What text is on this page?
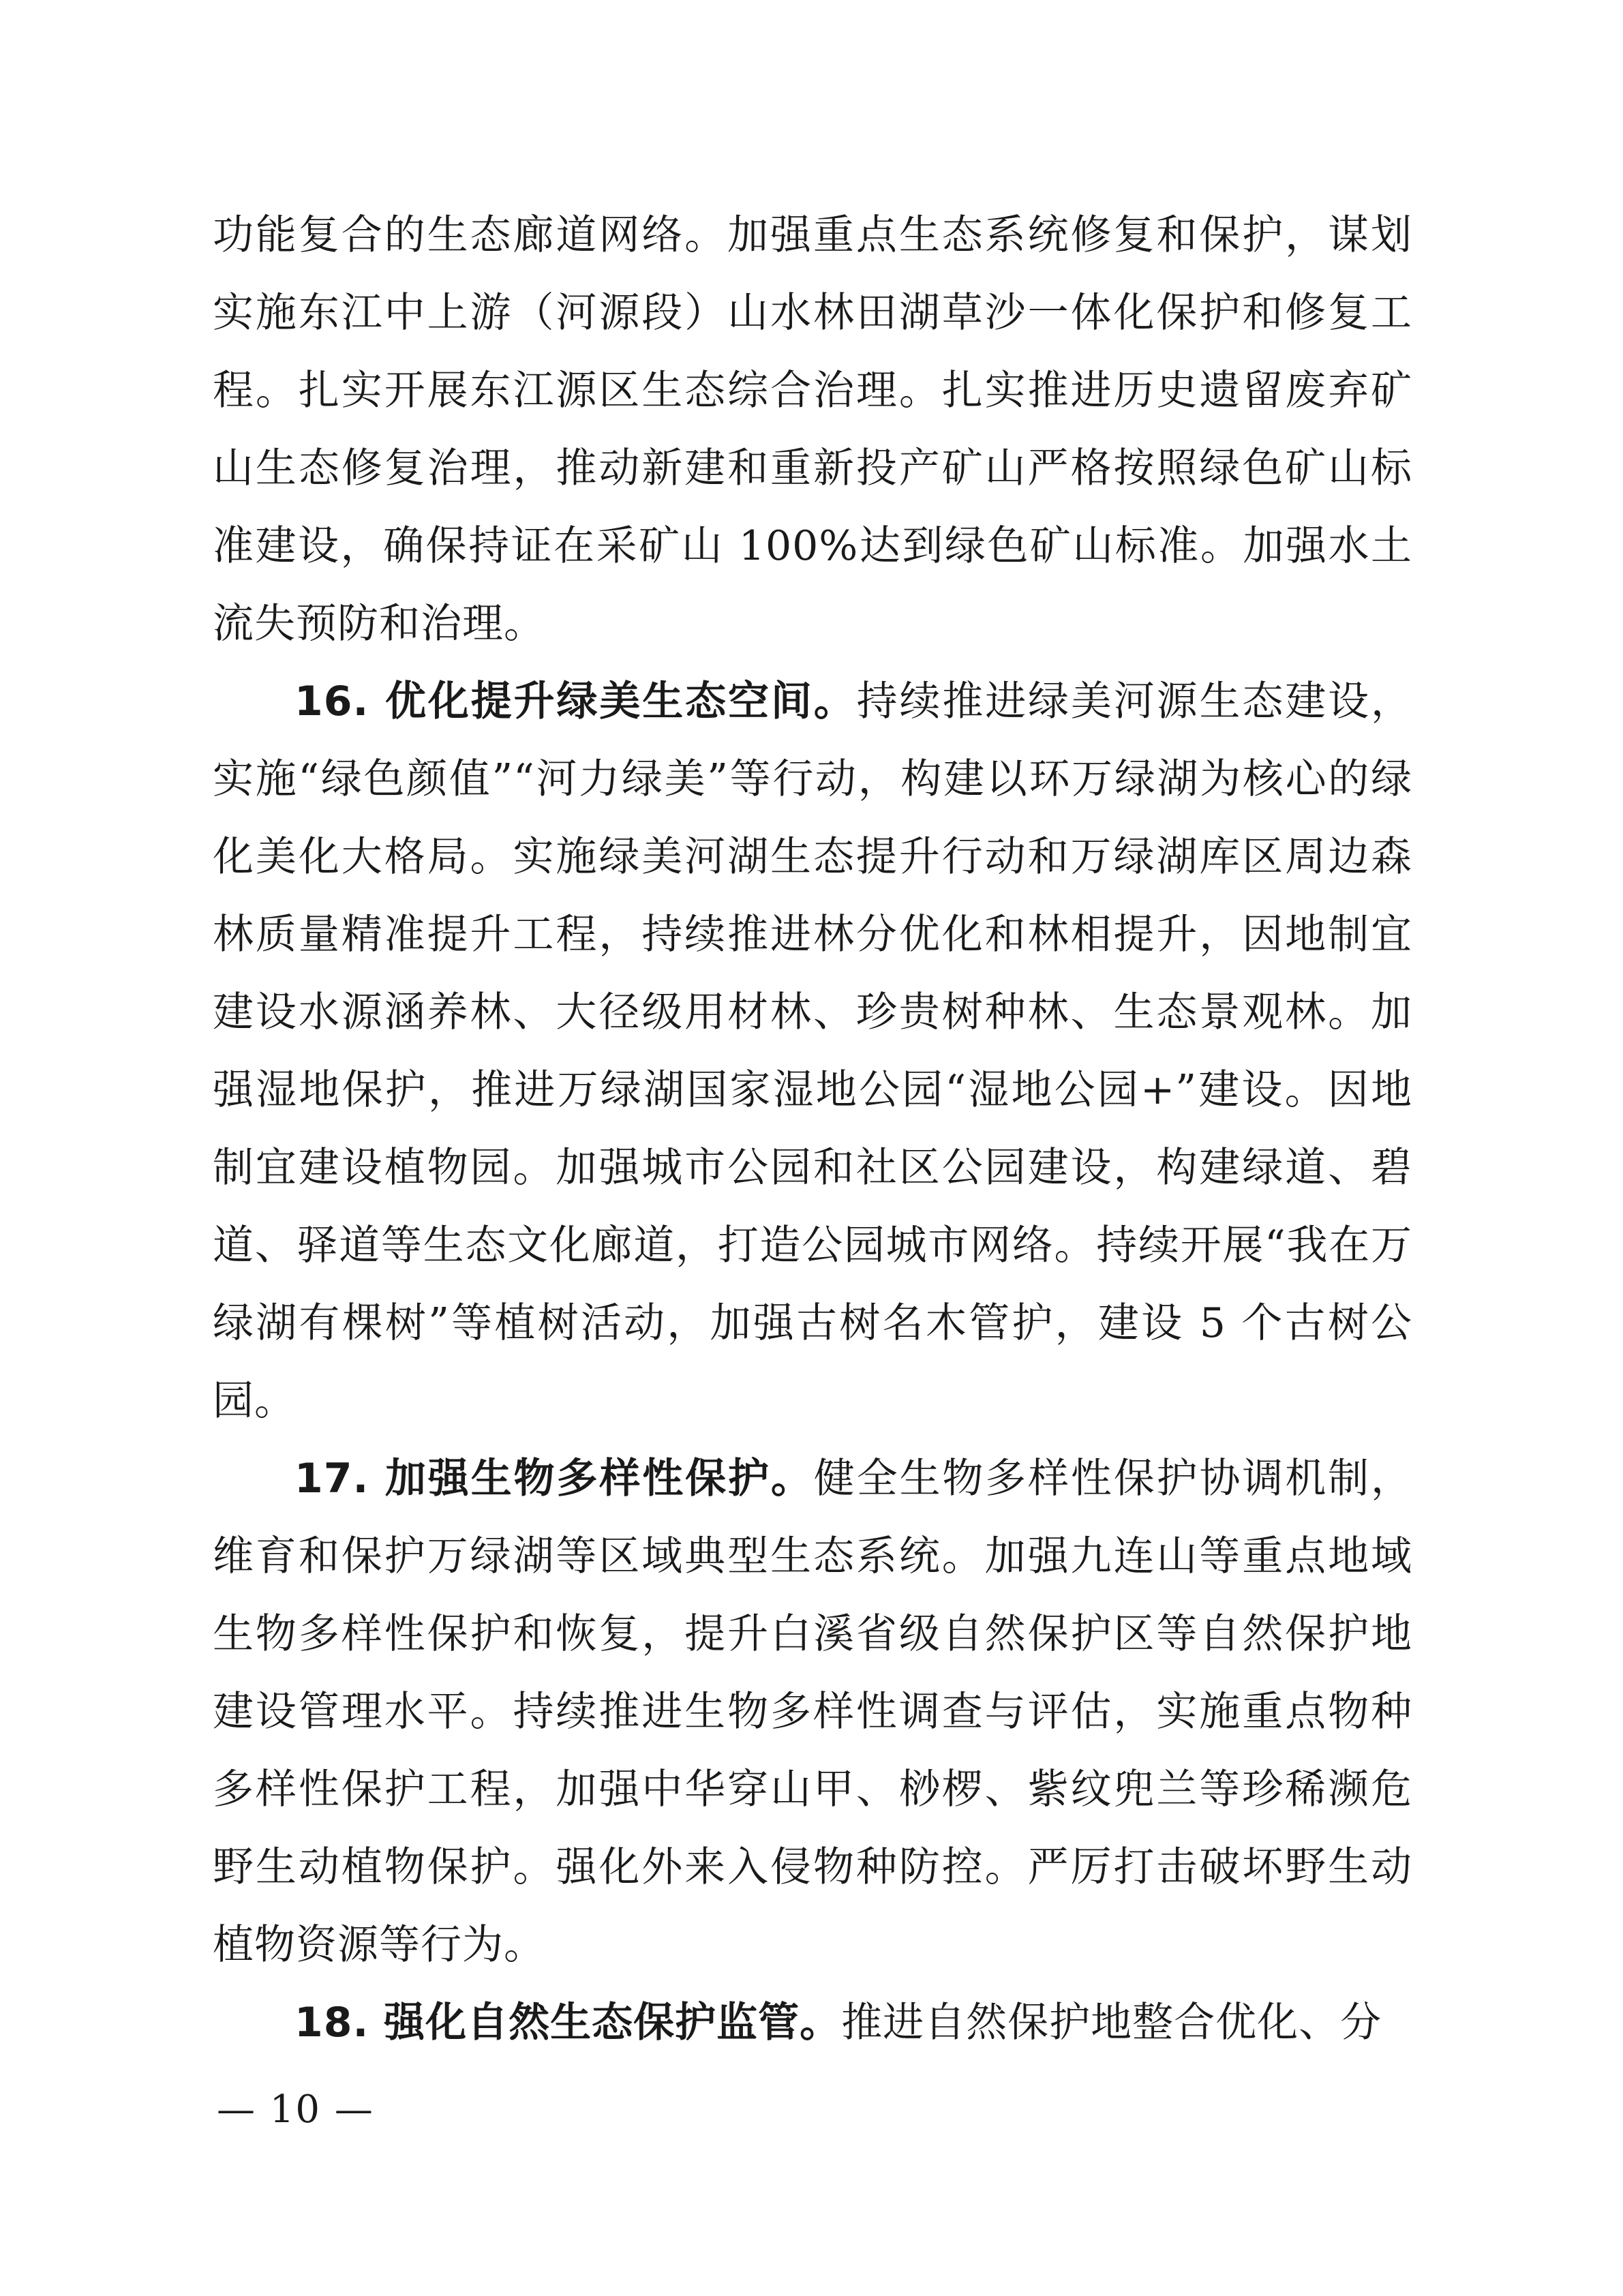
功能复合的生态廊道网络。加强重点生态系统修复和保护，谋划实施东江中上游（河源段）山水林田湖草沙一体化保护和修复工程。扎实开展东江源区生态综合治理。扎实推进历史遗留废弃矿山生态修复治理，推动新建和重新投产矿山严格按照绿色矿山标准建设，确保持证在采矿山 100%达到绿色矿山标准。加强水土流失预防和治理。

16. 优化提升绿美生态空间。持续推进绿美河源生态建设，实施“绿色颜值”“河力绿美”等行动，构建以环万绿湖为核心的绿化美化大格局。实施绿美河湖生态提升行动和万绿湖库区周边森林质量精准提升工程，持续推进林分优化和林相提升，因地制宜建设水源涵养林、大径级用材林、珍贵树种林、生态景观林。加强湿地保护，推进万绿湖国家湿地公园“湿地公园+”建设。因地制宜建设植物园。加强城市公园和社区公园建设，构建绿道、碧道、驿道等生态文化廊道，打造公园城市网络。持续开展“我在万绿湖有棵树”等植树活动，加强古树名木管护，建设 5 个古树公园。

17. 加强生物多样性保护。健全生物多样性保护协调机制，维育和保护万绿湖等区域典型生态系统。加强九连山等重点地域生物多样性保护和恢复，提升白溪省级自然保护区等自然保护地建设管理水平。持续推进生物多样性调查与评估，实施重点物种多样性保护工程，加强中华穿山甲、桫椤、紫纹兜兰等珍稀濒危野生动植物保护。强化外来入侵物种防控。严厉打击破坏野生动植物资源等行为。

18. 强化自然生态保护监管。推进自然保护地整合优化、分

— 10 —
